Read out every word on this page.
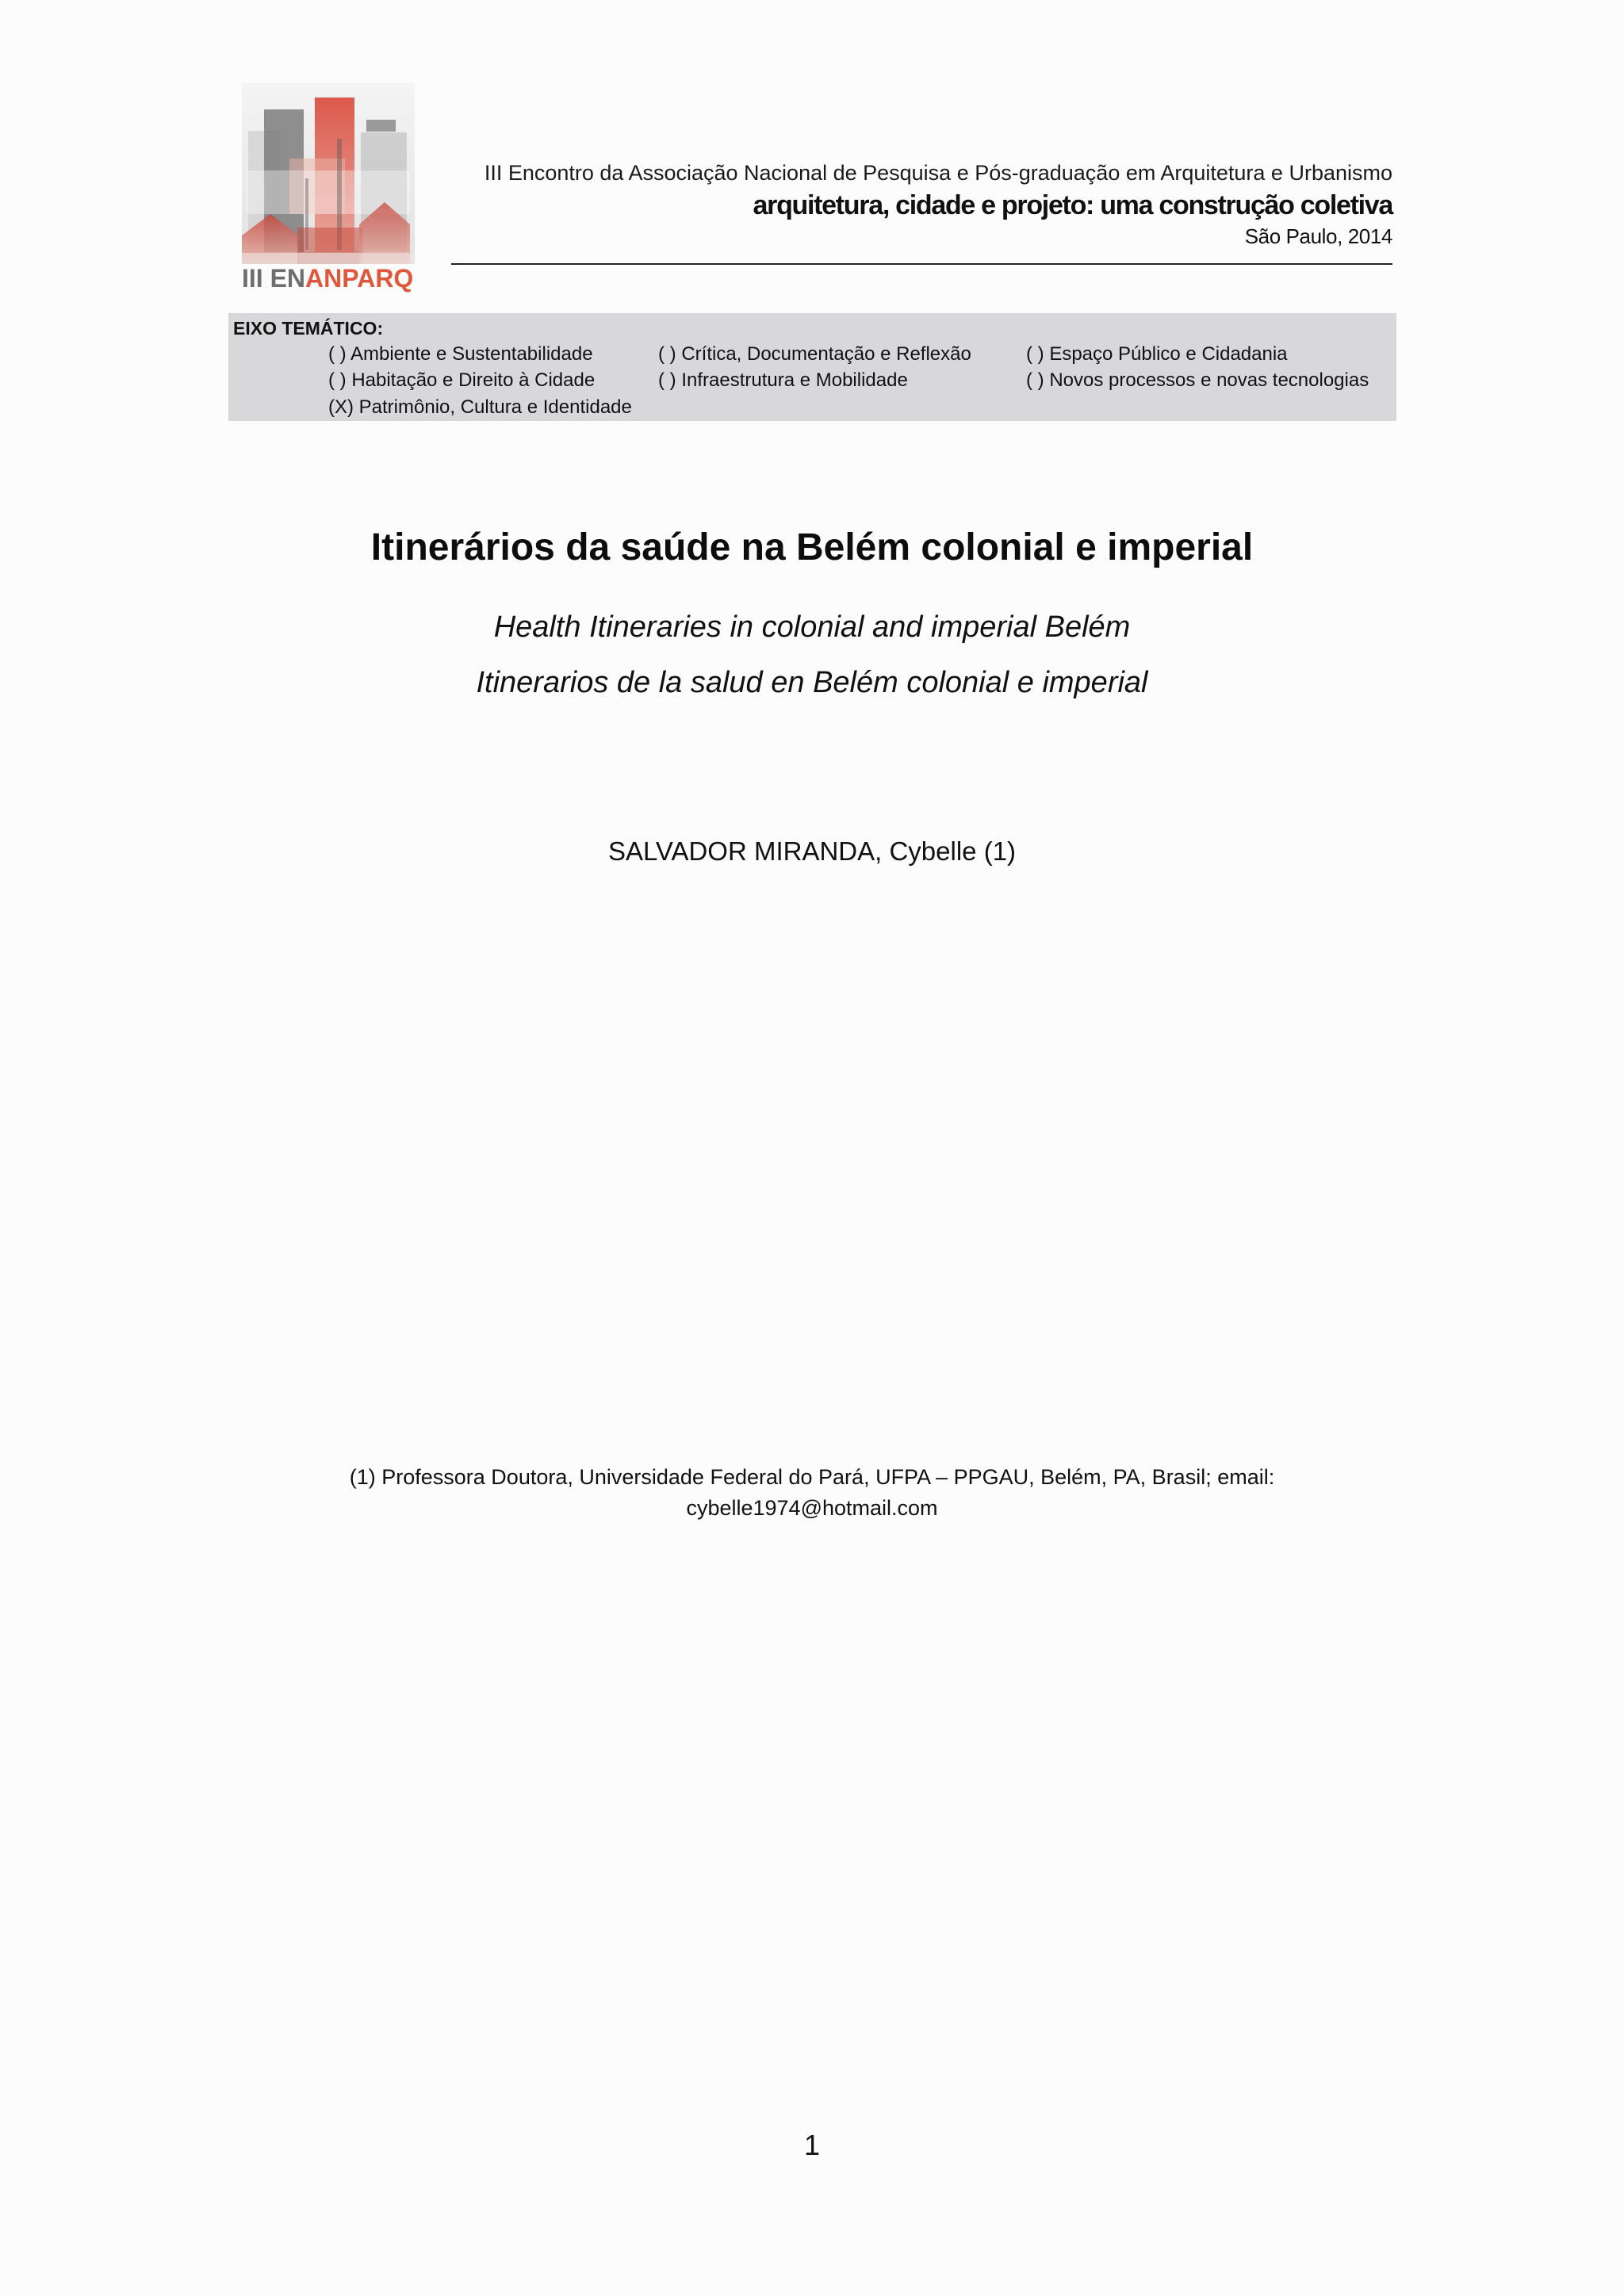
III ENANPARQ
III Encontro da Associação Nacional de Pesquisa e Pós-graduação em Arquitetura e Urbanismo
arquitetura, cidade e projeto: uma construção coletiva
São Paulo, 2014
EIXO TEMÁTICO:
( ) Ambiente e Sustentabilidade	( ) Crítica, Documentação e Reflexão	( ) Espaço Público e Cidadania
( ) Habitação e Direito à Cidade	( ) Infraestrutura e Mobilidade	( ) Novos processos e novas tecnologias
(X) Patrimônio, Cultura e Identidade
Itinerários da saúde na Belém colonial e imperial
Health Itineraries in colonial and imperial Belém
Itinerarios de la salud en Belém colonial e imperial
SALVADOR MIRANDA, Cybelle (1)
(1) Professora Doutora, Universidade Federal do Pará, UFPA – PPGAU, Belém, PA, Brasil; email:
cybelle1974@hotmail.com
1
